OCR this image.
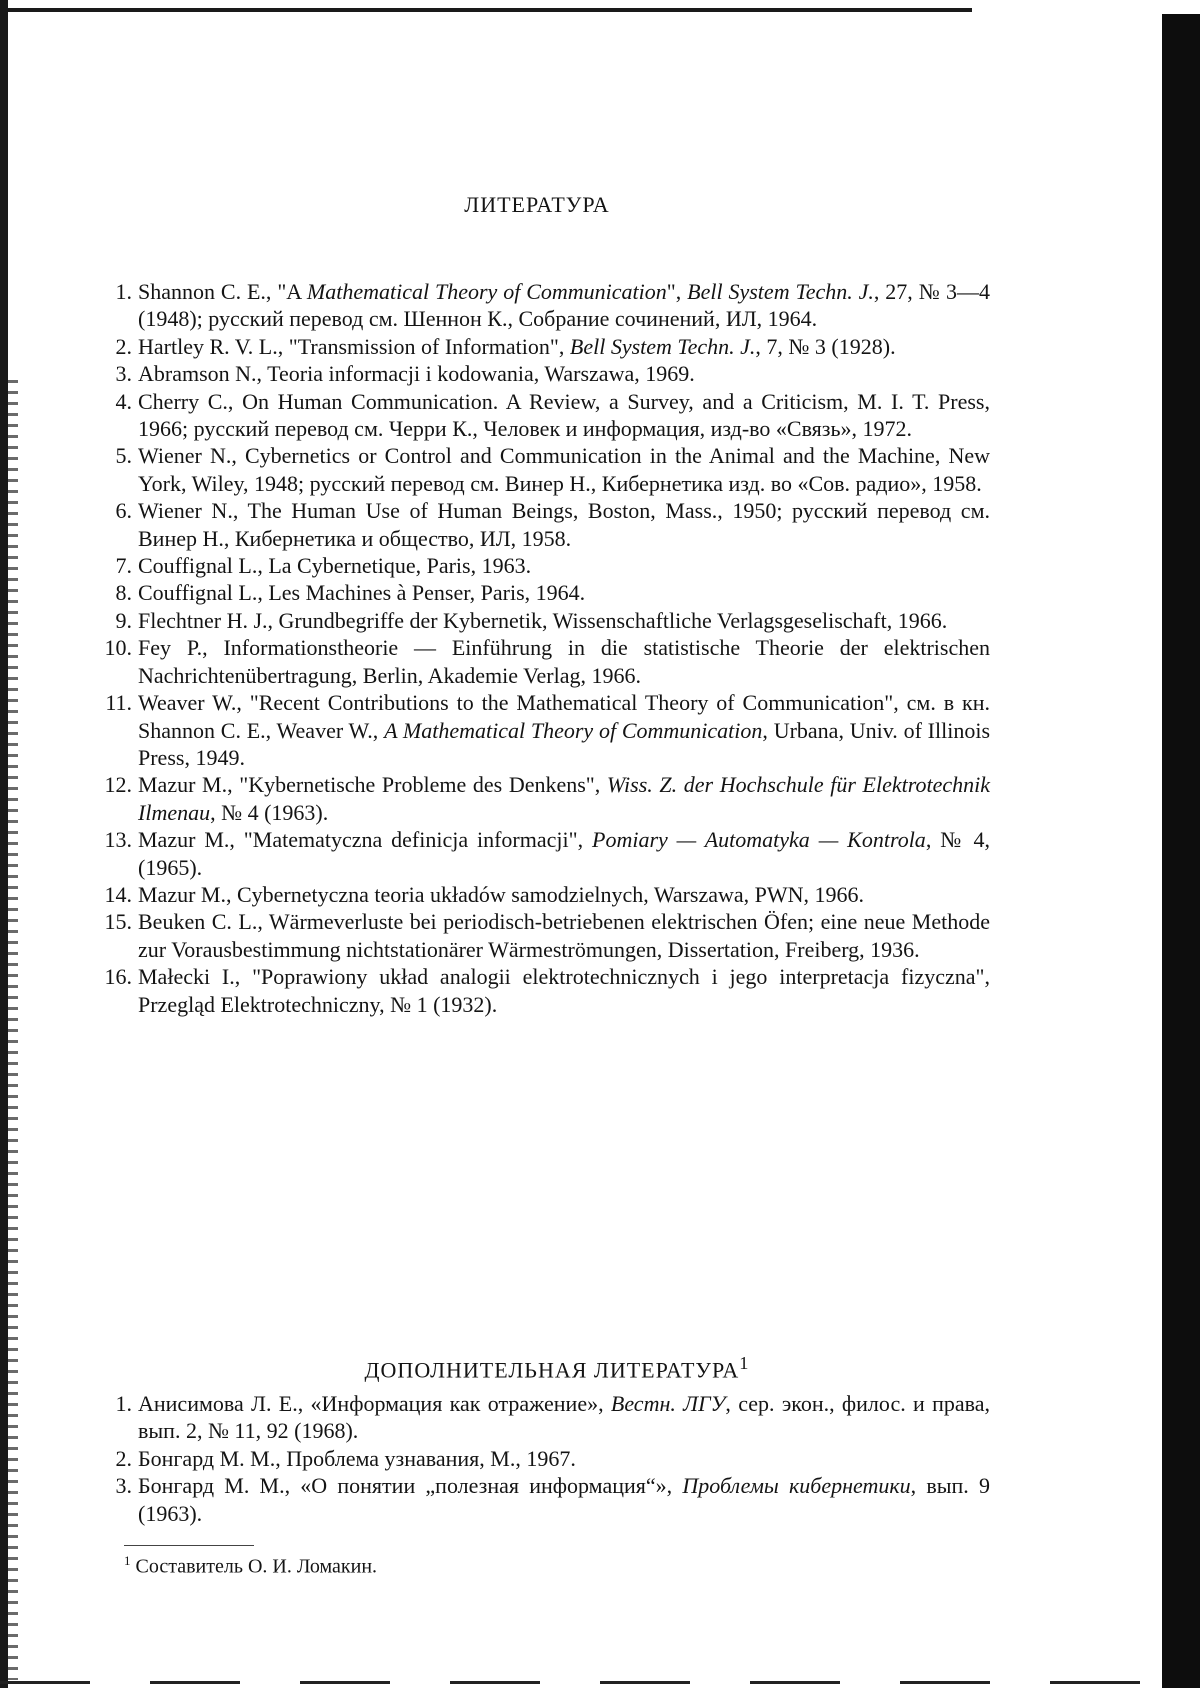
ЛИТЕРАТУРА
1. Shannon C. E., "A Mathematical Theory of Communication", Bell System Techn. J., 27, № 3—4 (1948); русский перевод см. Шеннон К., Собрание сочинений, ИЛ, 1964.
2. Hartley R. V. L., "Transmission of Information", Bell System Techn. J., 7, № 3 (1928).
3. Abramson N., Teoria informacji i kodowania, Warszawa, 1969.
4. Cherry C., On Human Communication. A Review, a Survey, and a Criticism, M. I. T. Press, 1966; русский перевод см. Черри К., Человек и информация, изд-во «Связь», 1972.
5. Wiener N., Cybernetics or Control and Communication in the Animal and the Machine, New York, Wiley, 1948; русский перевод см. Винер Н., Кибернетика изд. во «Сов. радио», 1958.
6. Wiener N., The Human Use of Human Beings, Boston, Mass., 1950; русский перевод см. Винер Н., Кибернетика и общество, ИЛ, 1958.
7. Couffignal L., La Cybernetique, Paris, 1963.
8. Couffignal L., Les Machines à Penser, Paris, 1964.
9. Flechtner H. J., Grundbegriffe der Kybernetik, Wissenschaftliche Verlagsgeselischaft, 1966.
10. Fey P., Informationstheorie — Einführung in die statistische Theorie der elektrischen Nachrichtenübertragung, Berlin, Akademie Verlag, 1966.
11. Weaver W., "Recent Contributions to the Mathematical Theory of Communication", см. в кн. Shannon C. E., Weaver W., A Mathematical Theory of Communication, Urbana, Univ. of Illinois Press, 1949.
12. Mazur M., "Kybernetische Probleme des Denkens", Wiss. Z. der Hochschule für Elektrotechnik Ilmenau, № 4 (1963).
13. Mazur M., "Matematyczna definicja informacji", Pomiary — Automatyka — Kontrola, № 4, (1965).
14. Mazur M., Cybernetyczna teoria układów samodzielnych, Warszawa, PWN, 1966.
15. Beuken C. L., Wärmeverluste bei periodisch-betriebenen elektrischen Öfen; eine neue Methode zur Vorausbestimmung nichtstationärer Wärmeströmungen, Dissertation, Freiberg, 1936.
16. Małecki I., "Poprawiony układ analogii elektrotechnicznych i jego interpretacja fizyczna", Przegląd Elektrotechniczny, № 1 (1932).
ДОПОЛНИТЕЛЬНАЯ ЛИТЕРАТУРА$^1$
1. Анисимова Л. Е., «Информация как отражение», Вестн. ЛГУ, сер. экон., филос. и права, вып. 2, № 11, 92 (1968).
2. Бонгард М. М., Проблема узнавания, М., 1967.
3. Бонгард М. М., «О понятии „полезная информация“», Проблемы кибернетики, вып. 9 (1963).

$^1$ Составитель О. И. Ломакин.
